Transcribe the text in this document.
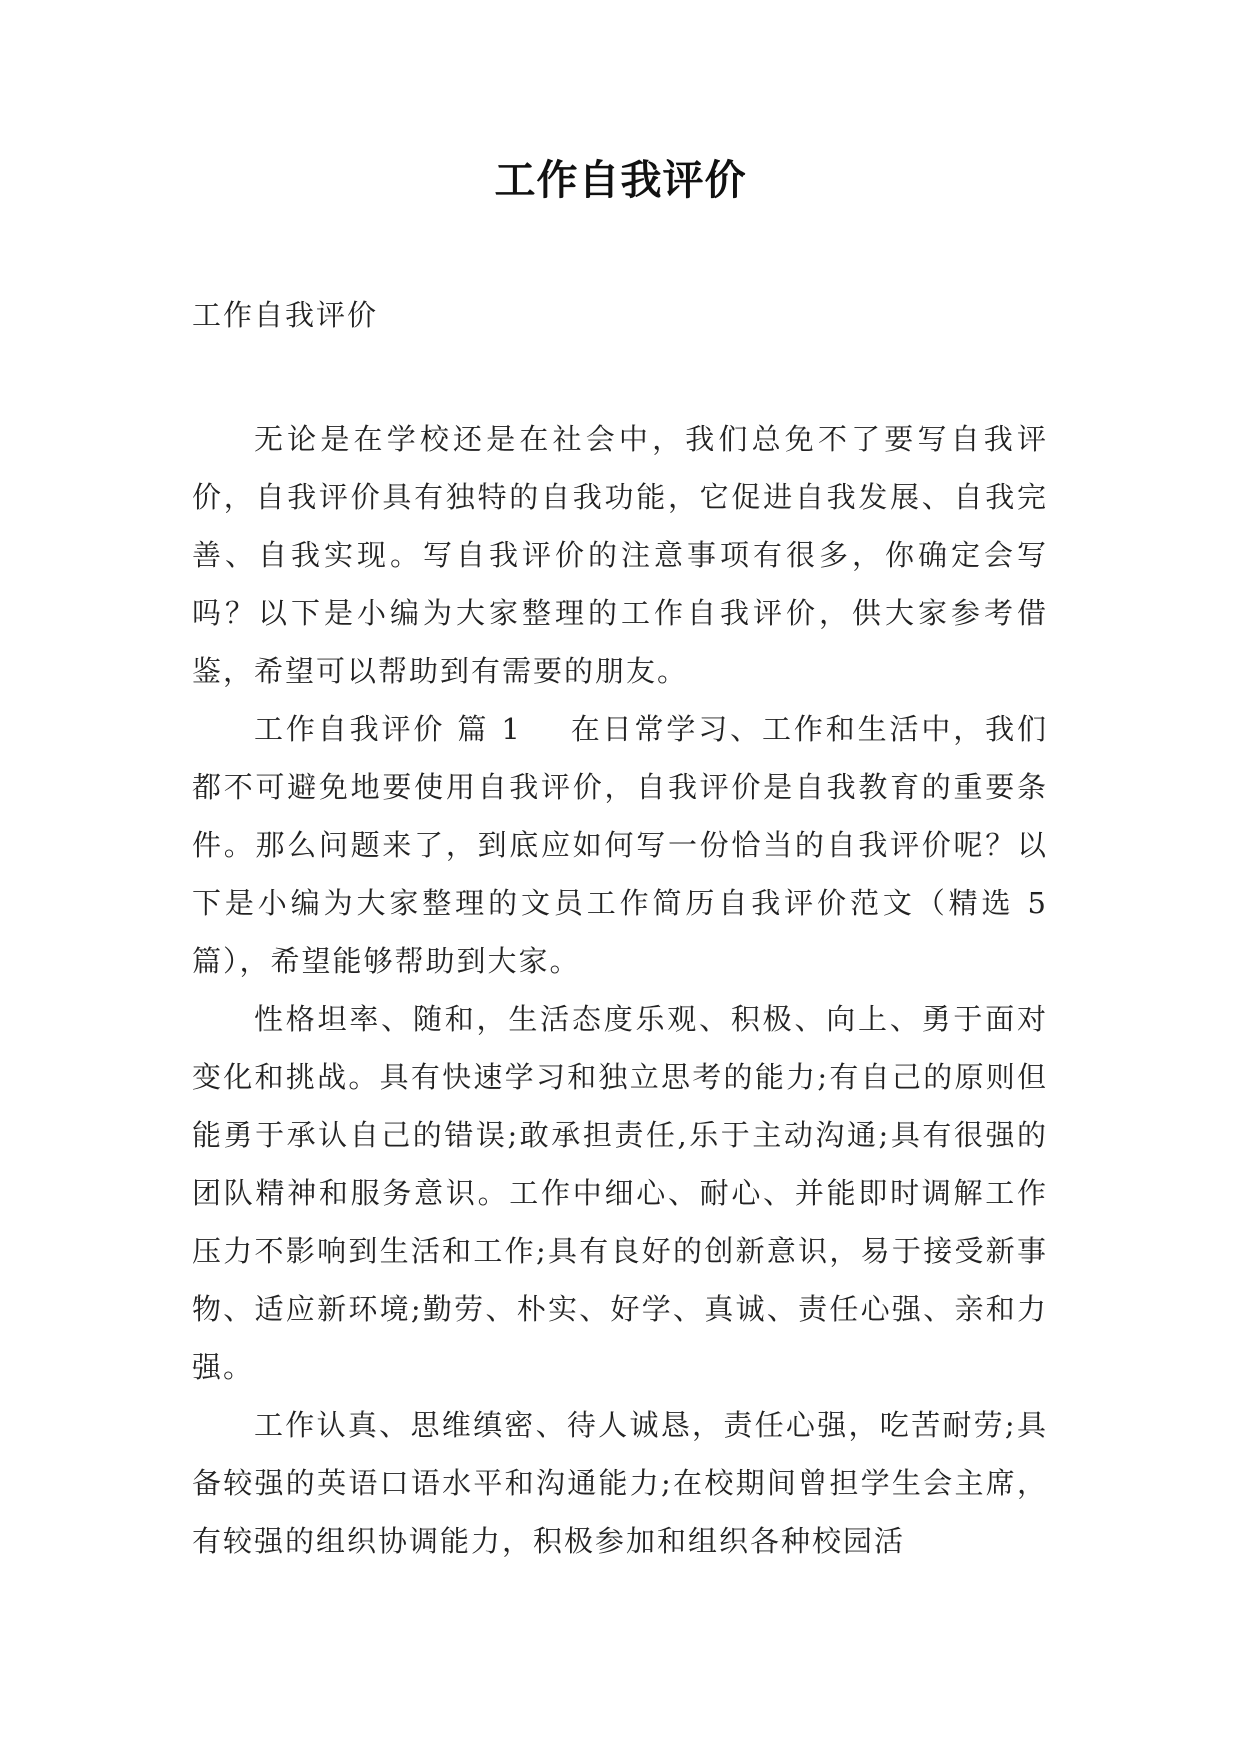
工作自我评价
工作自我评价

无论是在学校还是在社会中，我们总免不了要写自我评价，自我评价具有独特的自我功能，它促进自我发展、自我完善、自我实现。写自我评价的注意事项有很多，你确定会写吗？以下是小编为大家整理的工作自我评价，供大家参考借鉴，希望可以帮助到有需要的朋友。

工作自我评价 篇 1 在日常学习、工作和生活中，我们都不可避免地要使用自我评价，自我评价是自我教育的重要条件。那么问题来了，到底应如何写一份恰当的自我评价呢？以下是小编为大家整理的文员工作简历自我评价范文（精选 5 篇），希望能够帮助到大家。

性格坦率、随和，生活态度乐观、积极、向上、勇于面对变化和挑战。具有快速学习和独立思考的能力;有自己的原则但能勇于承认自己的错误;敢承担责任,乐于主动沟通;具有很强的团队精神和服务意识。工作中细心、耐心、并能即时调解工作压力不影响到生活和工作;具有良好的创新意识，易于接受新事物、适应新环境;勤劳、朴实、好学、真诚、责任心强、亲和力强。

工作认真、思维缜密、待人诚恳，责任心强，吃苦耐劳;具备较强的英语口语水平和沟通能力;在校期间曾担学生会主席，有较强的组织协调能力，积极参加和组织各种校园活
